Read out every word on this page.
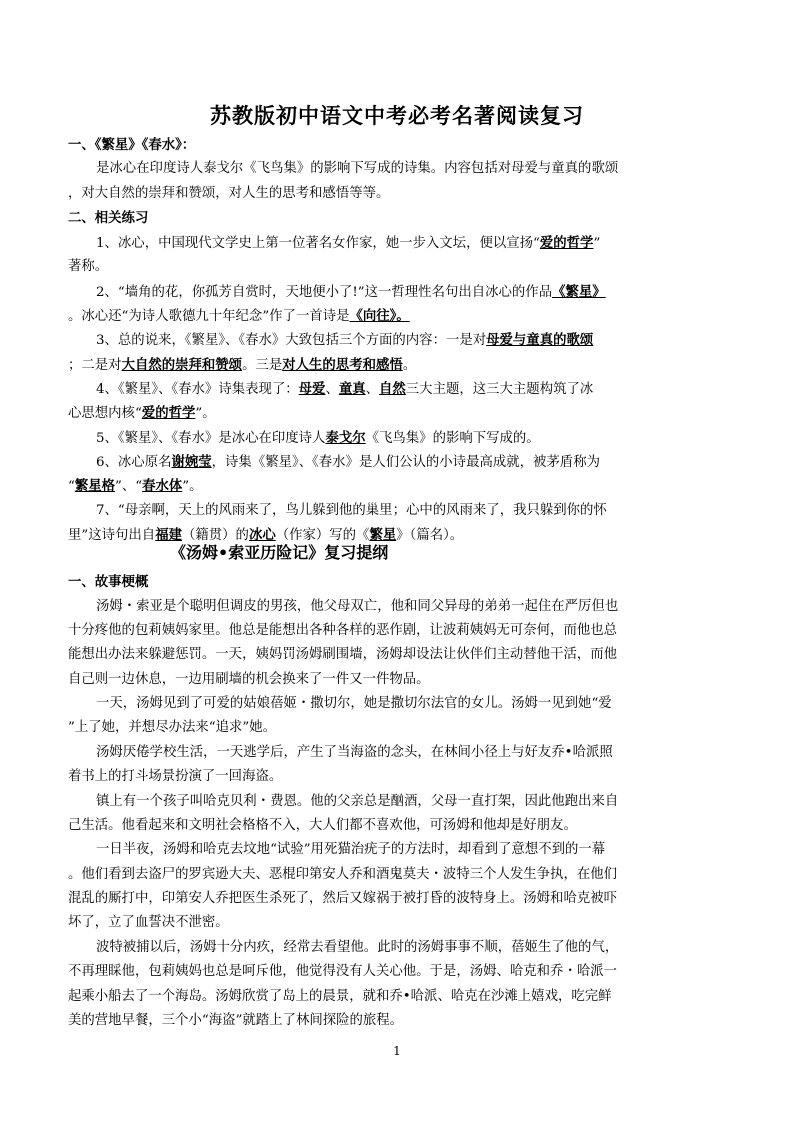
苏教版初中语文中考必考名著阅读复习
一、《繁星》《春水》：
是冰心在印度诗人泰戈尔《飞鸟集》的影响下写成的诗集。内容包括对母爱与童真的歌颂
，对大自然的崇拜和赞颂，对人生的思考和感悟等等。
二、相关练习
1、冰心，中国现代文学史上第一位著名女作家，她一步入文坛，便以宣扬“爱的哲学”
著称。
2、“墙角的花，你孤芳自赏时，天地便小了!”这一哲理性名句出自冰心的作品《繁星》
。冰心还“为诗人歌德九十年纪念”作了一首诗是《向往》。
3、总的说来，《繁星》、《春水》大致包括三个方面的内容：一是对母爱与童真的歌颂
；二是对大自然的崇拜和赞颂。三是对人生的思考和感悟。
4、《繁星》、《春水》诗集表现了：母爱、童真、自然三大主题，这三大主题构筑了冰
心思想内核“爱的哲学”。
5、《繁星》、《春水》是冰心在印度诗人泰戈尔《飞鸟集》的影响下写成的。
6、冰心原名谢婉莹，诗集《繁星》、《春水》是人们公认的小诗最高成就，被茅盾称为
“繁星格”、“春水体”。
7、“母亲啊，天上的风雨来了，鸟儿躲到他的巢里；心中的风雨来了，我只躲到你的怀
里”这诗句出自福建（籍贯）的冰心（作家）写的《繁星》（篇名）。
《汤姆•索亚历险记》复习提纲
一、故事梗概
汤姆・索亚是个聪明但调皮的男孩，他父母双亡，他和同父异母的弟弟一起住在严厉但也
十分疼他的包莉姨妈家里。他总是能想出各种各样的恶作剧，让波莉姨妈无可奈何，而他也总
能想出办法来躲避惩罚。一天，姨妈罚汤姆刷围墙，汤姆却设法让伙伴们主动替他干活，而他
自己则一边休息，一边用刷墙的机会换来了一件又一件物品。
一天，汤姆见到了可爱的姑娘蓓姬・撒切尔，她是撒切尔法官的女儿。汤姆一见到她“爱
”上了她，并想尽办法来“追求”她。
汤姆厌倦学校生活，一天逃学后，产生了当海盗的念头，在林间小径上与好友乔•哈派照
着书上的打斗场景扮演了一回海盗。
镇上有一个孩子叫哈克贝利・费恩。他的父亲总是酗酒，父母一直打架，因此他跑出来自
己生活。他看起来和文明社会格格不入，大人们都不喜欢他，可汤姆和他却是好朋友。
一日半夜，汤姆和哈克去坟地“试验”用死猫治疣子的方法时，却看到了意想不到的一幕
。他们看到去盗尸的罗宾逊大夫、恶棍印第安人乔和酒鬼莫夫・波特三个人发生争执，在他们
混乱的厮打中，印第安人乔把医生杀死了，然后又嫁祸于被打昏的波特身上。汤姆和哈克被吓
坏了，立了血誓决不泄密。
波特被捕以后，汤姆十分内疚，经常去看望他。此时的汤姆事事不顺，蓓姬生了他的气，
不再理睬他，包莉姨妈也总是呵斥他，他觉得没有人关心他。于是，汤姆、哈克和乔・哈派一
起乘小船去了一个海岛。汤姆欣赏了岛上的晨景，就和乔•哈派、哈克在沙滩上嬉戏，吃完鲜
美的营地早餐，三个小“海盗”就踏上了林间探险的旅程。
1
